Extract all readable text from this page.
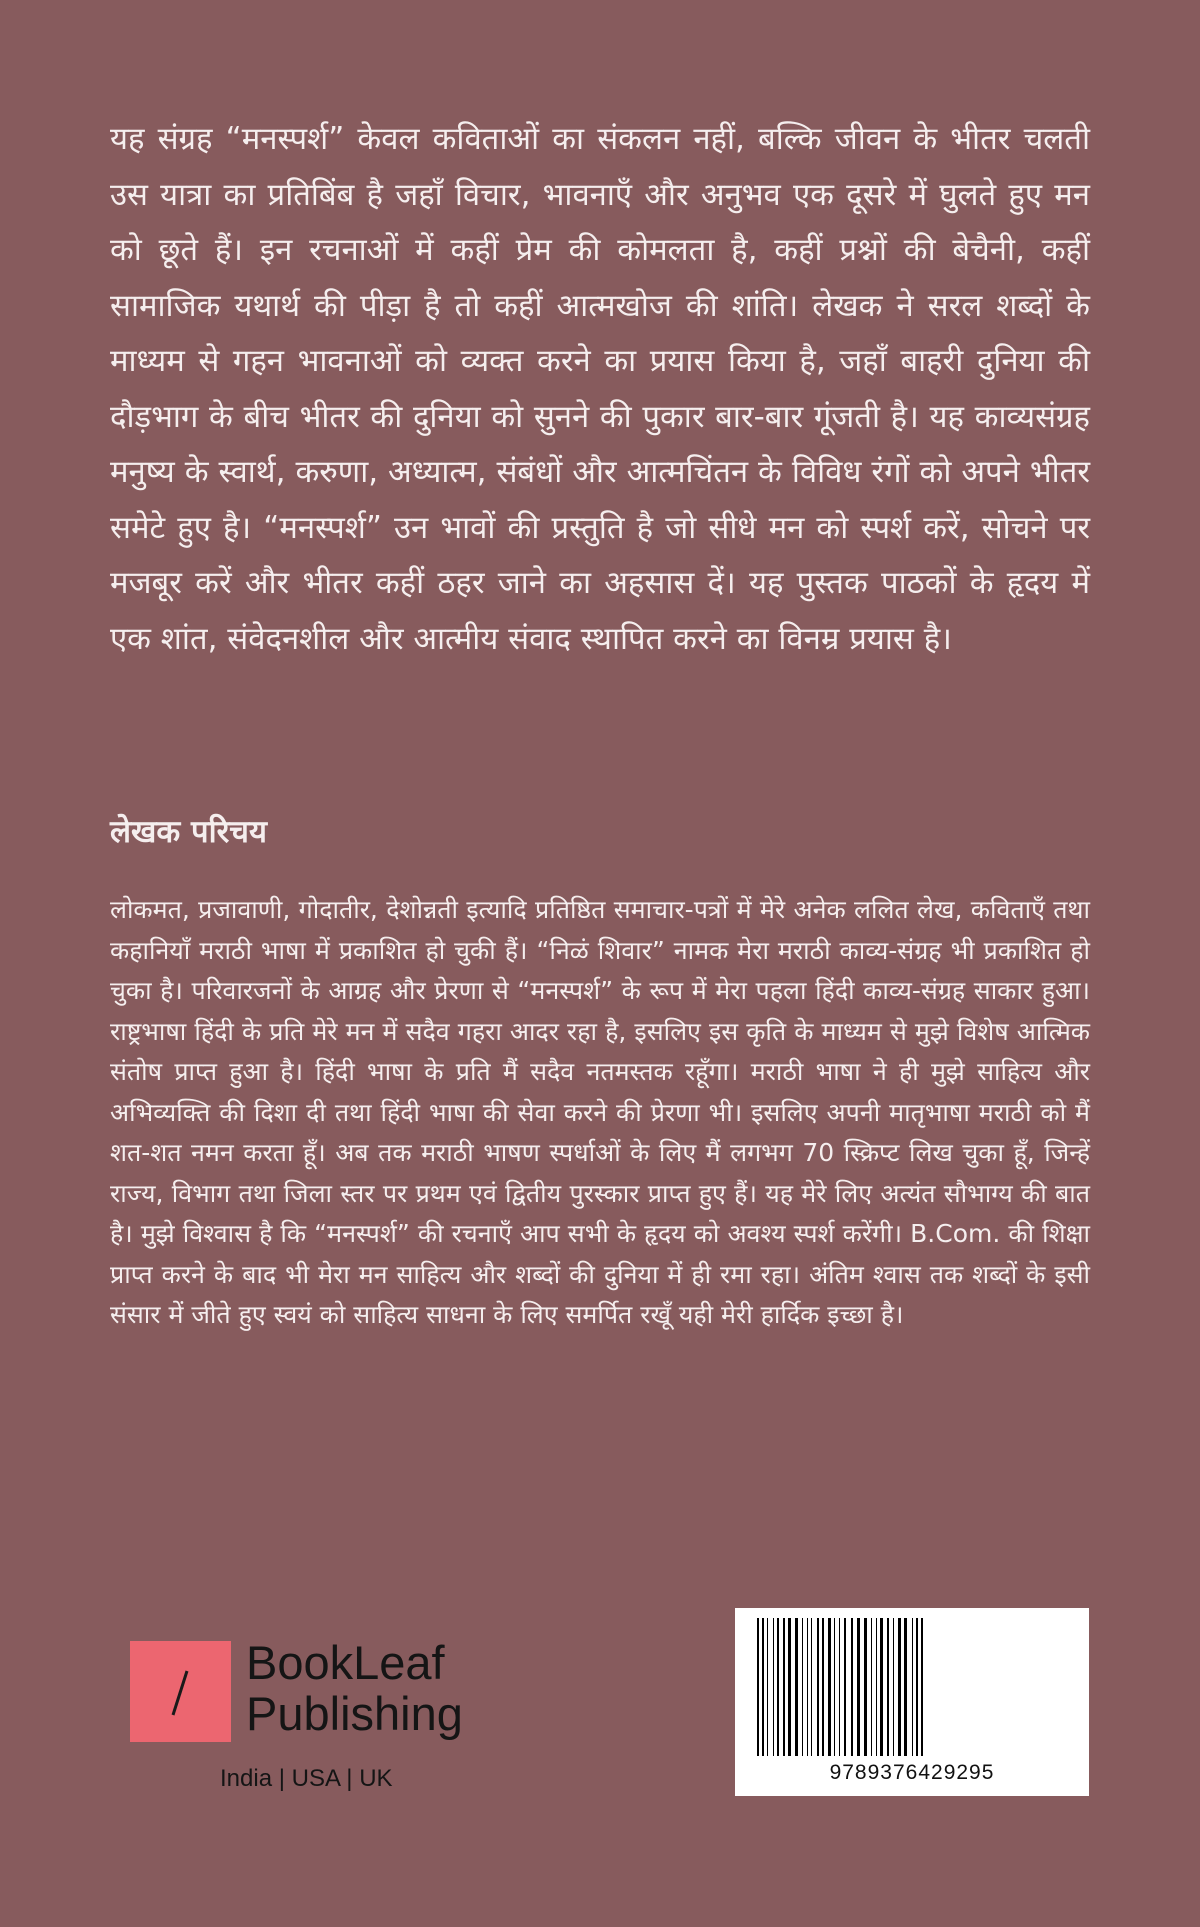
यह संग्रह “मनस्पर्श” केवल कविताओं का संकलन नहीं, बल्कि जीवन के भीतर चलती उस यात्रा का प्रतिबिंब है जहाँ विचार, भावनाएँ और अनुभव एक दूसरे में घुलते हुए मन को छूते हैं। इन रचनाओं में कहीं प्रेम की कोमलता है, कहीं प्रश्नों की बेचैनी, कहीं सामाजिक यथार्थ की पीड़ा है तो कहीं आत्मखोज की शांति। लेखक ने सरल शब्दों के माध्यम से गहन भावनाओं को व्यक्त करने का प्रयास किया है, जहाँ बाहरी दुनिया की दौड़भाग के बीच भीतर की दुनिया को सुनने की पुकार बार-बार गूंजती है। यह काव्यसंग्रह मनुष्य के स्वार्थ, करुणा, अध्यात्म, संबंधों और आत्मचिंतन के विविध रंगों को अपने भीतर समेटे हुए है। “मनस्पर्श” उन भावों की प्रस्तुति है जो सीधे मन को स्पर्श करें, सोचने पर मजबूर करें और भीतर कहीं ठहर जाने का अहसास दें। यह पुस्तक पाठकों के हृदय में एक शांत, संवेदनशील और आत्मीय संवाद स्थापित करने का विनम्र प्रयास है।
लेखक परिचय
लोकमत, प्रजावाणी, गोदातीर, देशोन्नती इत्यादि प्रतिष्ठित समाचार-पत्रों में मेरे अनेक ललित लेख, कविताएँ तथा कहानियाँ मराठी भाषा में प्रकाशित हो चुकी हैं। “निळं शिवार” नामक मेरा मराठी काव्य-संग्रह भी प्रकाशित हो चुका है। परिवारजनों के आग्रह और प्रेरणा से “मनस्पर्श” के रूप में मेरा पहला हिंदी काव्य-संग्रह साकार हुआ। राष्ट्रभाषा हिंदी के प्रति मेरे मन में सदैव गहरा आदर रहा है, इसलिए इस कृति के माध्यम से मुझे विशेष आत्मिक संतोष प्राप्त हुआ है। हिंदी भाषा के प्रति मैं सदैव नतमस्तक रहूँगा। मराठी भाषा ने ही मुझे साहित्य और अभिव्यक्ति की दिशा दी तथा हिंदी भाषा की सेवा करने की प्रेरणा भी। इसलिए अपनी मातृभाषा मराठी को मैं शत-शत नमन करता हूँ। अब तक मराठी भाषण स्पर्धाओं के लिए मैं लगभग 70 स्क्रिप्ट लिख चुका हूँ, जिन्हें राज्य, विभाग तथा जिला स्तर पर प्रथम एवं द्वितीय पुरस्कार प्राप्त हुए हैं। यह मेरे लिए अत्यंत सौभाग्य की बात है। मुझे विश्वास है कि “मनस्पर्श” की रचनाएँ आप सभी के हृदय को अवश्य स्पर्श करेंगी। B.Com. की शिक्षा प्राप्त करने के बाद भी मेरा मन साहित्य और शब्दों की दुनिया में ही रमा रहा। अंतिम श्वास तक शब्दों के इसी संसार में जीते हुए स्वयं को साहित्य साधना के लिए समर्पित रखूँ यही मेरी हार्दिक इच्छा है।
BookLeaf
Publishing
India | USA | UK	9789376429295
